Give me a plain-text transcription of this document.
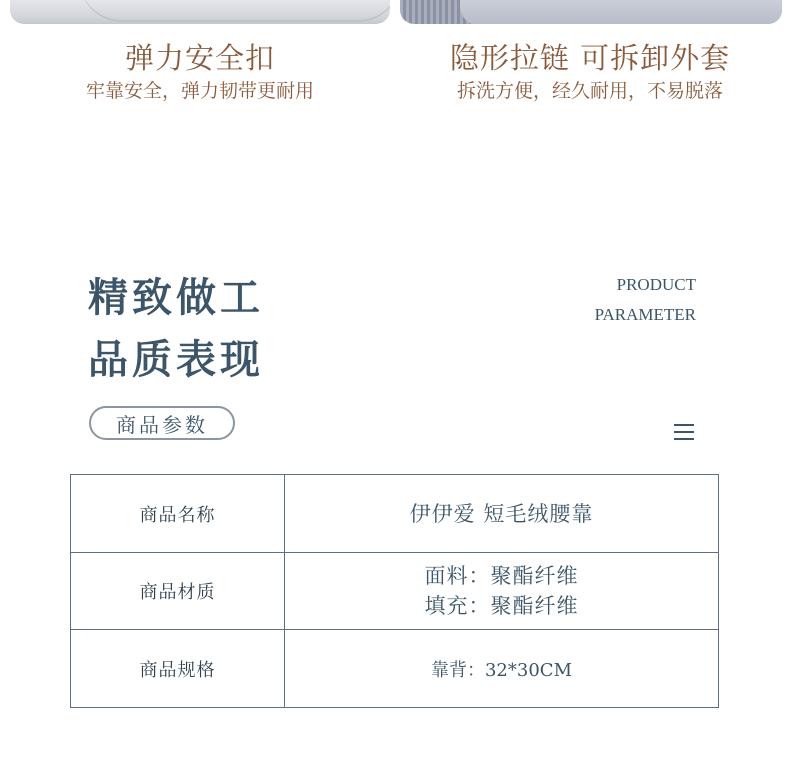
弹力安全扣
牢靠安全，弹力韧带更耐用
隐形拉链 可拆卸外套
拆洗方便，经久耐用，不易脱落
精致做工
品质表现
PRODUCT
PARAMETER
商品参数
商品名称	伊伊爱 短毛绒腰靠
商品材质
面料：聚酯纤维
填充：聚酯纤维
商品规格	靠背：32*30CM
